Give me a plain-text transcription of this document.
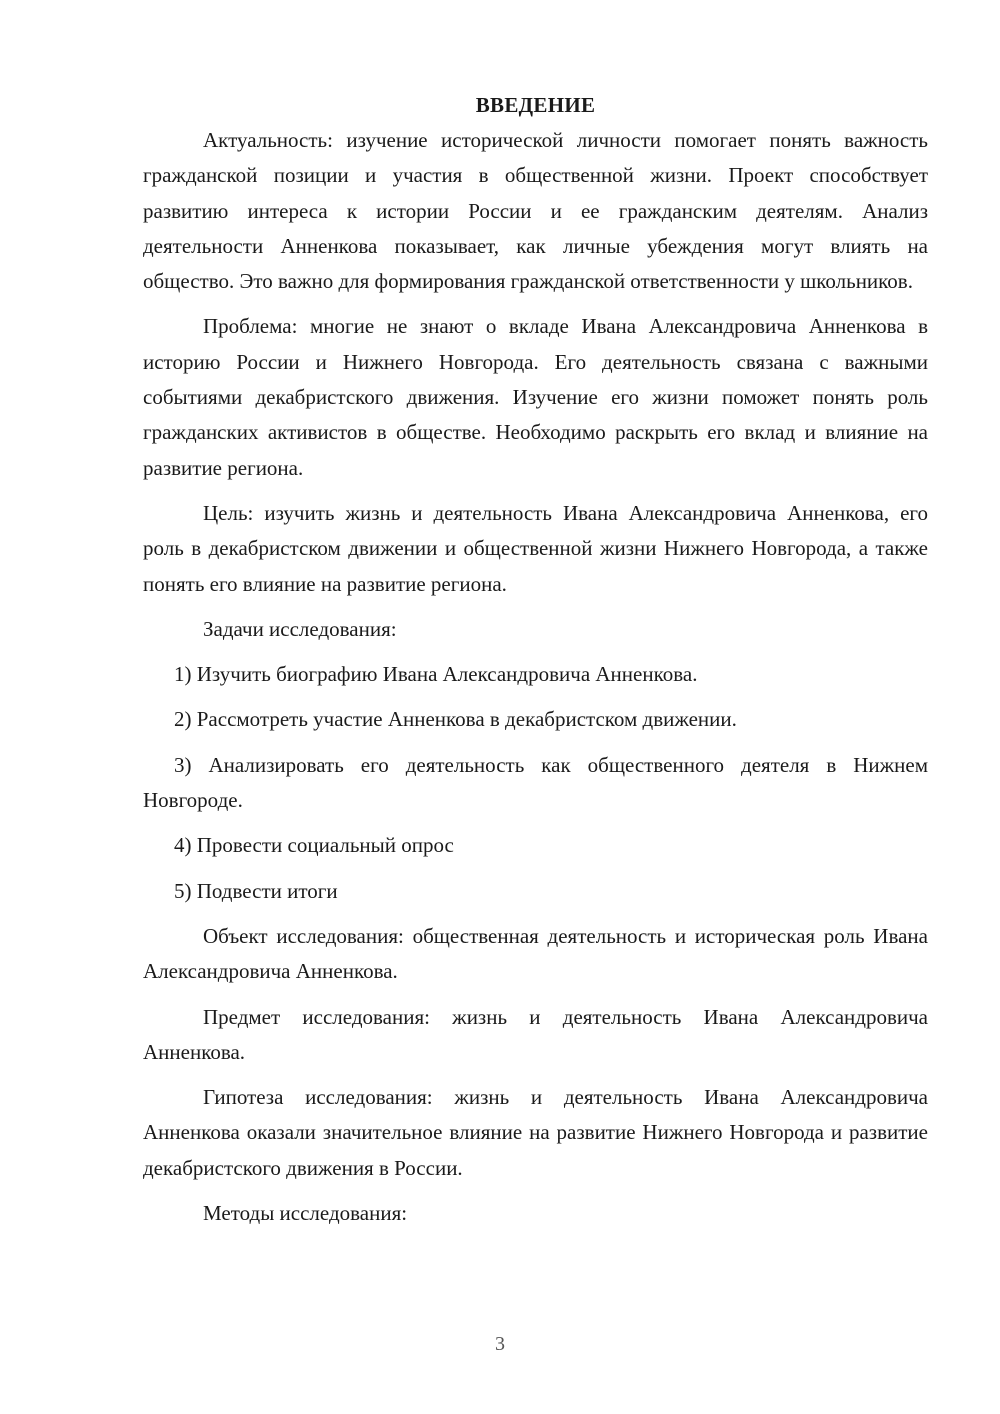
ВВЕДЕНИЕ

Актуальность: изучение исторической личности помогает понять важность гражданской позиции и участия в общественной жизни. Проект способствует развитию интереса к истории России и ее гражданским деятелям. Анализ деятельности Анненкова показывает, как личные убеждения могут влиять на общество. Это важно для формирования гражданской ответственности у школьников.

Проблема: многие не знают о вкладе Ивана Александровича Анненкова в историю России и Нижнего Новгорода. Его деятельность связана с важными событиями декабристского движения. Изучение его жизни поможет понять роль гражданских активистов в обществе. Необходимо раскрыть его вклад и влияние на развитие региона.

Цель: изучить жизнь и деятельность Ивана Александровича Анненкова, его роль в декабристском движении и общественной жизни Нижнего Новгорода, а также понять его влияние на развитие региона.

Задачи исследования:

1) Изучить биографию Ивана Александровича Анненкова.

2) Рассмотреть участие Анненкова в декабристском движении.

3) Анализировать его деятельность как общественного деятеля в Нижнем Новгороде.

4) Провести социальный опрос

5) Подвести итоги

Объект исследования: общественная деятельность и историческая роль Ивана Александровича Анненкова.

Предмет исследования: жизнь и деятельность Ивана Александровича Анненкова.

Гипотеза исследования: жизнь и деятельность Ивана Александровича Анненкова оказали значительное влияние на развитие Нижнего Новгорода и развитие декабристского движения в России.

Методы исследования:

3
